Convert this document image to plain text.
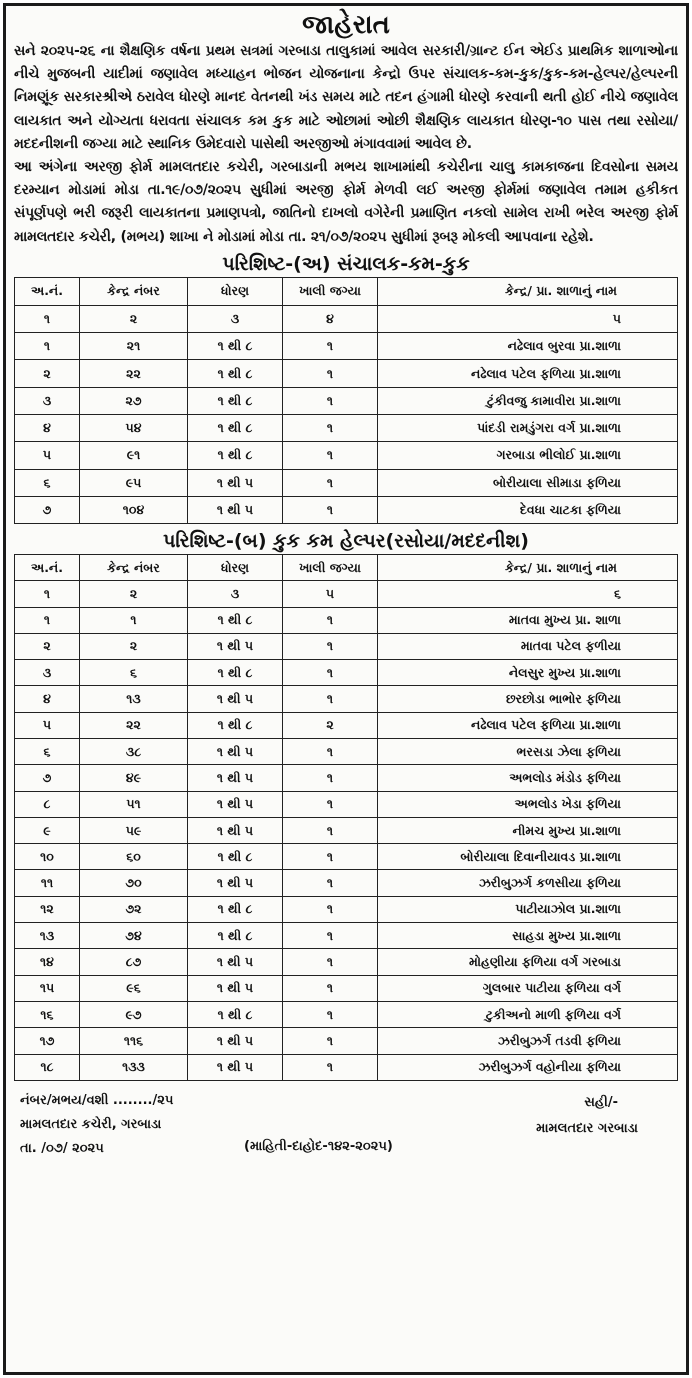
જાહેરાત

સને ૨૦૨૫-૨૬ ના શૈક્ષણિક વર્ષના પ્રથમ સત્રમાં ગરબાડા તાલુકામાં આવેલ સરકારી/ગ્રાન્ટ ઈન એઈડ પ્રાથમિક શાળાઓના નીચે મુજબની યાદીમાં જણાવેલ મધ્યાહન ભોજન યોજનાના કેન્દ્રો ઉપર સંચાલક-કમ-કુક/કુક-કમ-હેલ્પર/હેલ્પરની નિમણૂંક સરકારશ્રીએ ઠરાવેલ ધોરણે માનદ વેતનથી ખંડ સમય માટે તદન હંગામી ધોરણે કરવાની થતી હોઈ નીચે જણાવેલ લાયકાત અને યોગ્યતા ધરાવતા સંચાલક કમ કુક માટે ઓછામાં ઓછી શૈક્ષણિક લાયકાત ધોરણ-૧૦ પાસ તથા રસોયા/મદદનીશની જગ્યા માટે સ્થાનિક ઉમેદવારો પાસેથી અરજીઓ મંગાવવામાં આવેલ છે.

આ અંગેના અરજી ફોર્મ મામલતદાર કચેરી, ગરબાડાની મભય શાખામાંથી કચેરીના ચાલુ કામકાજના દિવસોના સમય દરમ્યાન મોડામાં મોડા તા.૧૯/૦૭/૨૦૨૫ સુધીમાં અરજી ફોર્મ મેળવી લઈ અરજી ફોર્મમાં જણાવેલ તમામ હકીકત સંપૂર્ણપણે ભરી જરૂરી લાયકાતના પ્રમાણપત્રો, જાતિનો દાખલો વગેરેની પ્રમાણિત નકલો સામેલ રાખી ભરેલ અરજી ફોર્મ મામલતદાર કચેરી, (મભય) શાખા ને મોડામાં મોડા તા. ૨૧/૦૭/૨૦૨૫ સુધીમાં રૂબરૂ મોકલી આપવાના રહેશે.

પરિશિષ્ટ-(અ) સંચાલક-કમ-કુક
અ.નં.	કેન્દ્ર નંબર	ધોરણ	ખાલી જગ્યા	કેન્દ્ર/ પ્રા. શાળાનું નામ
૧	૨	૩	૪	૫
૧	૨૧	૧ થી ૮	૧	નઢેલાવ બુરવા પ્રા.શાળા
૨	૨૨	૧ થી ૮	૧	નઢેલાવ પટેલ ફળિયા પ્રા.શાળા
૩	૨૭	૧ થી ૮	૧	ટુંકીવજુ કામાવીરા પ્રા.શાળા
૪	૫૪	૧ થી ૮	૧	પાંદડી રામડુંગરા વર્ગ પ્રા.શાળા
૫	૯૧	૧ થી ૮	૧	ગરબાડા ભીલોઈ પ્રા.શાળા
૬	૯૫	૧ થી ૫	૧	બોરીયાલા સીમાડા ફળિયા
૭	૧૦૪	૧ થી ૫	૧	દેવધા ચાટકા ફળિયા
પરિશિષ્ટ-(બ) કુક કમ હેલ્પર(રસોયા/મદદનીશ)
અ.નં.	કેન્દ્ર નંબર	ધોરણ	ખાલી જગ્યા	કેન્દ્ર/ પ્રા. શાળાનું નામ
૧	૨	૩	૫	૬
૧	૧	૧ થી ૮	૧	માતવા મુખ્ય પ્રા. શાળા
૨	૨	૧ થી ૫	૧	માતવા પટેલ ફળીયા
૩	૬	૧ થી ૮	૧	નેલસુર મુખ્ય પ્રા.શાળા
૪	૧૩	૧ થી ૫	૧	છરછોડા ભાભોર ફળિયા
૫	૨૨	૧ થી ૮	૨	નઢેલાવ પટેલ ફળિયા પ્રા.શાળા
૬	૩૮	૧ થી ૫	૧	ભરસડા ઝેલા ફળિયા
૭	૪૯	૧ થી ૫	૧	અભલોડ મંડોડ ફળિયા
૮	૫૧	૧ થી ૫	૧	અભલોડ ખેડા ફળિયા
૯	૫૯	૧ થી ૫	૧	નીમચ મુખ્ય પ્રા.શાળા
૧૦	૬૦	૧ થી ૮	૧	બોરીયાલા દિવાનીયાવડ પ્રા.શાળા
૧૧	૭૦	૧ થી ૫	૧	ઝરીબુઝર્ગ કળસીયા ફળિયા
૧૨	૭૨	૧ થી ૮	૧	પાટીયાઝોલ પ્રા.શાળા
૧૩	૭૪	૧ થી ૮	૧	સાહડા મુખ્ય પ્રા.શાળા
૧૪	૮૭	૧ થી ૫	૧	મોહણીયા ફળિયા વર્ગ ગરબાડા
૧૫	૯૬	૧ થી ૫	૧	ગુલબાર પાટીયા ફળિયા વર્ગ
૧૬	૯૭	૧ થી ૮	૧	ટુકીઅનો માળી ફળિયા વર્ગ
૧૭	૧૧૬	૧ થી ૫	૧	ઝરીબુઝર્ગ તડવી ફળિયા
૧૮	૧૩૩	૧ થી ૫	૧	ઝરીબુઝર્ગ વહોનીયા ફળિયા
નંબર/મભય/વશી ......../૨૫
મામલતદાર કચેરી, ગરબાડા
તા. /૦૭/ ૨૦૨૫	(માહિતી-દાહોદ-૧૪૨-૨૦૨૫)
સહી/-
મામલતદાર ગરબાડા
